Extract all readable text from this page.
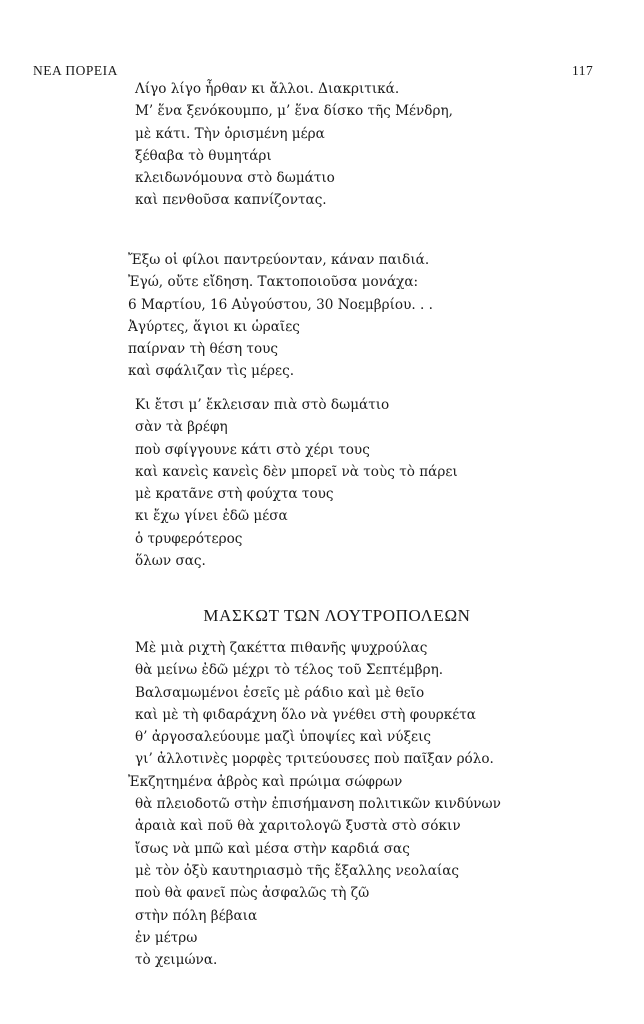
ΝΕΑ ΠΟΡΕΙΑ	117
Λίγο λίγο ἦρθαν κι ἄλλοι. Διακριτικά.
Μ’ ἕνα ξενόκουμπο, μ’ ἕνα δίσκο τῆς Μένδρη,
μὲ κάτι. Τὴν ὁρισμένη μέρα
ξέθαβα τὸ θυμητάρι
κλειδωνόμουνα στὸ δωμάτιο
καὶ πενθοῦσα καπνίζοντας.
Ἔξω οἱ φίλοι παντρεύονταν, κάναν παιδιά.
Ἐγώ, οὔτε εἴδηση. Τακτοποιοῦσα μονάχα:
6 Μαρτίου, 16 Αὐγούστου, 30 Νοεμβρίου. . .
Ἀγύρτες, ἅγιοι κι ὡραῖες
παίρναν τὴ θέση τους
καὶ σφάλιζαν τὶς μέρες.
Κι ἔτσι μ’ ἔκλεισαν πιὰ στὸ δωμάτιο
σὰν τὰ βρέφη
ποὺ σφίγγουνε κάτι στὸ χέρι τους
καὶ κανεὶς κανεὶς δὲν μπορεῖ νὰ τοὺς τὸ πάρει
μὲ κρατᾶνε στὴ φούχτα τους
κι ἔχω γίνει ἐδῶ μέσα
ὁ τρυφερότερος
ὅλων σας.
ΜΑΣΚΩΤ ΤΩΝ ΛΟΥΤΡΟΠΟΛΕΩΝ
Μὲ μιὰ ριχτὴ ζακέττα πιθανῆς ψυχρούλας
θὰ μείνω ἐδῶ μέχρι τὸ τέλος τοῦ Σεπτέμβρη.
Βαλσαμωμένοι ἐσεῖς μὲ ράδιο καὶ μὲ θεῖο
καὶ μὲ τὴ φιδαράχνη ὅλο νὰ γνέθει στὴ φουρκέτα
θ’ ἀργοσαλεύουμε μαζὶ ὑποψίες καὶ νύξεις
γι’ ἀλλοτινὲς μορφὲς τριτεύουσες ποὺ παῖξαν ρόλο.
Ἐκζητημένα ἁβρὸς καὶ πρώιμα σώφρων
θὰ πλειοδοτῶ στὴν ἐπισήμανση πολιτικῶν κινδύνων
ἀραιὰ καὶ ποῦ θὰ χαριτολογῶ ξυστὰ στὸ σόκιν
ἴσως νὰ μπῶ καὶ μέσα στὴν καρδιά σας
μὲ τὸν ὀξὺ καυτηριασμὸ τῆς ἔξαλλης νεολαίας
ποὺ θὰ φανεῖ πὼς ἀσφαλῶς τὴ ζῶ
στὴν πόλη βέβαια
ἐν μέτρω
τὸ χειμώνα.
